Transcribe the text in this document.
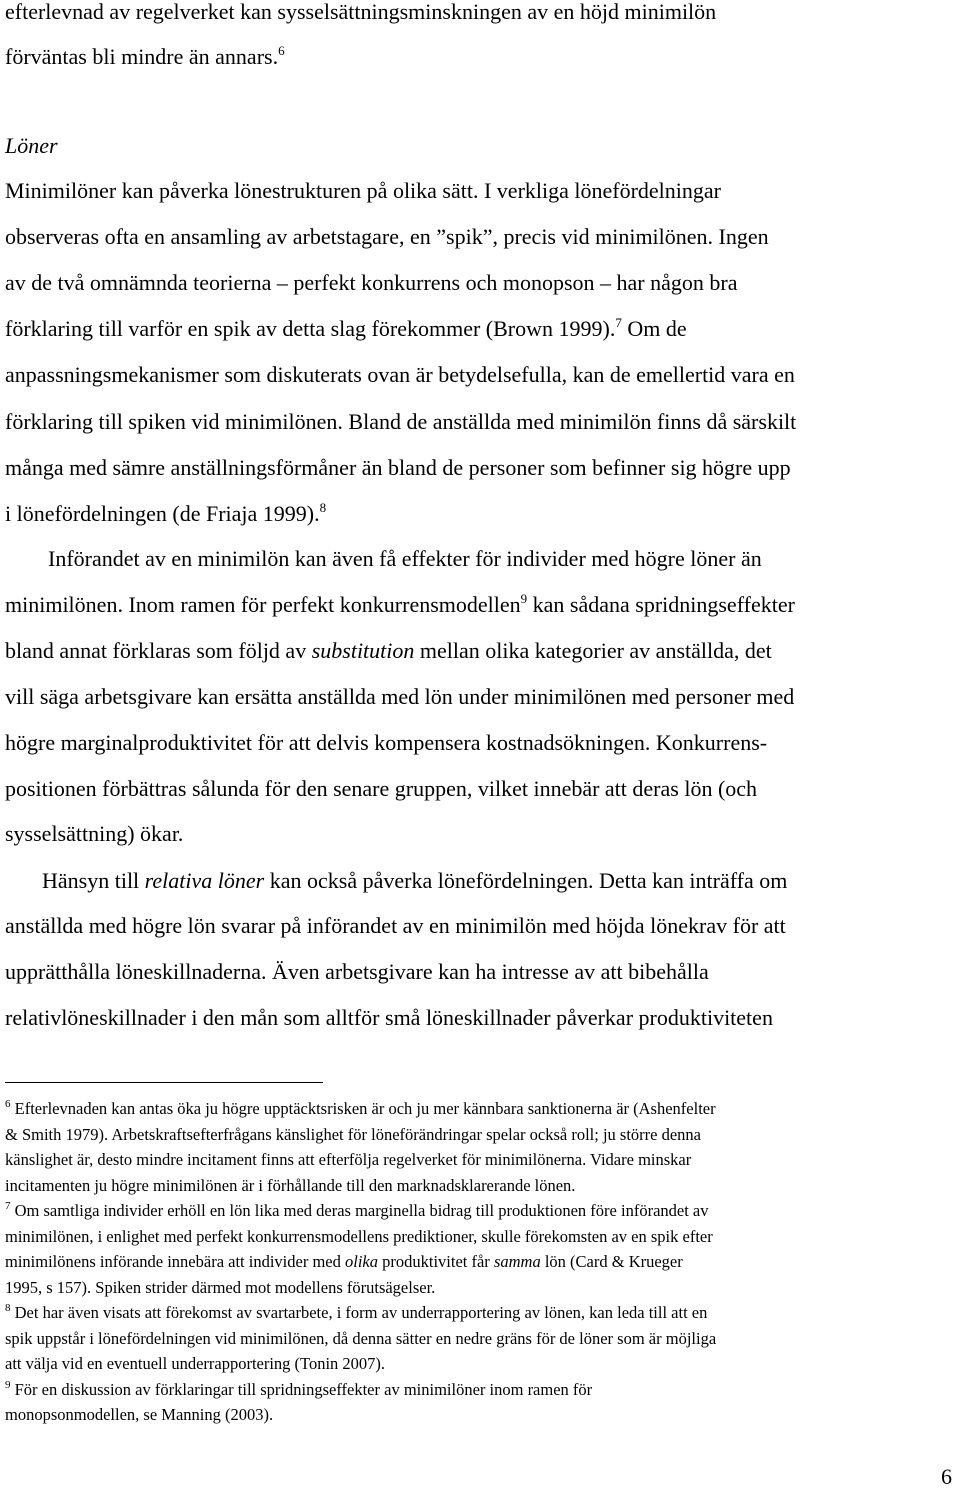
efterlevnad av regelverket kan sysselsättningsminskningen av en höjd minimilön
förväntas bli mindre än annars.$^6$
Löner
Minimilöner kan påverka lönestrukturen på olika sätt. I verkliga lönefördelningar
observeras ofta en ansamling av arbetstagare, en ”spik”, precis vid minimilönen. Ingen
av de två omnämnda teorierna – perfekt konkurrens och monopson – har någon bra
förklaring till varför en spik av detta slag förekommer (Brown 1999).$^7$ Om de
anpassningsmekanismer som diskuterats ovan är betydelsefulla, kan de emellertid vara en
förklaring till spiken vid minimilönen. Bland de anställda med minimilön finns då särskilt
många med sämre anställningsförmåner än bland de personer som befinner sig högre upp
i lönefördelningen (de Friaja 1999).$^8$
Införandet av en minimilön kan även få effekter för individer med högre löner än
minimilönen. Inom ramen för perfekt konkurrensmodellen$^9$ kan sådana spridningseffekter
bland annat förklaras som följd av substitution mellan olika kategorier av anställda, det
vill säga arbetsgivare kan ersätta anställda med lön under minimilönen med personer med
högre marginalproduktivitet för att delvis kompensera kostnadsökningen. Konkurrens-
positionen förbättras sålunda för den senare gruppen, vilket innebär att deras lön (och
sysselsättning) ökar.
Hänsyn till relativa löner kan också påverka lönefördelningen. Detta kan inträffa om
anställda med högre lön svarar på införandet av en minimilön med höjda lönekrav för att
upprätthålla löneskillnaderna. Även arbetsgivare kan ha intresse av att bibehålla
relativlöneskillnader i den mån som alltför små löneskillnader påverkar produktiviteten
$^6$ Efterlevnaden kan antas öka ju högre upptäcktsrisken är och ju mer kännbara sanktionerna är (Ashenfelter
& Smith 1979). Arbetskraftsefterfrågans känslighet för löneförändringar spelar också roll; ju större denna
känslighet är, desto mindre incitament finns att efterfölja regelverket för minimilönerna. Vidare minskar
incitamenten ju högre minimilönen är i förhållande till den marknadsklarerande lönen.
$^7$ Om samtliga individer erhöll en lön lika med deras marginella bidrag till produktionen före införandet av
minimilönen, i enlighet med perfekt konkurrensmodellens prediktioner, skulle förekomsten av en spik efter
minimilönens införande innebära att individer med olika produktivitet får samma lön (Card & Krueger
1995, s 157). Spiken strider därmed mot modellens förutsägelser.
$^8$ Det har även visats att förekomst av svartarbete, i form av underrapportering av lönen, kan leda till att en
spik uppstår i lönefördelningen vid minimilönen, då denna sätter en nedre gräns för de löner som är möjliga
att välja vid en eventuell underrapportering (Tonin 2007).
$^9$ För en diskussion av förklaringar till spridningseffekter av minimilöner inom ramen för
monopsonmodellen, se Manning (2003).
6
